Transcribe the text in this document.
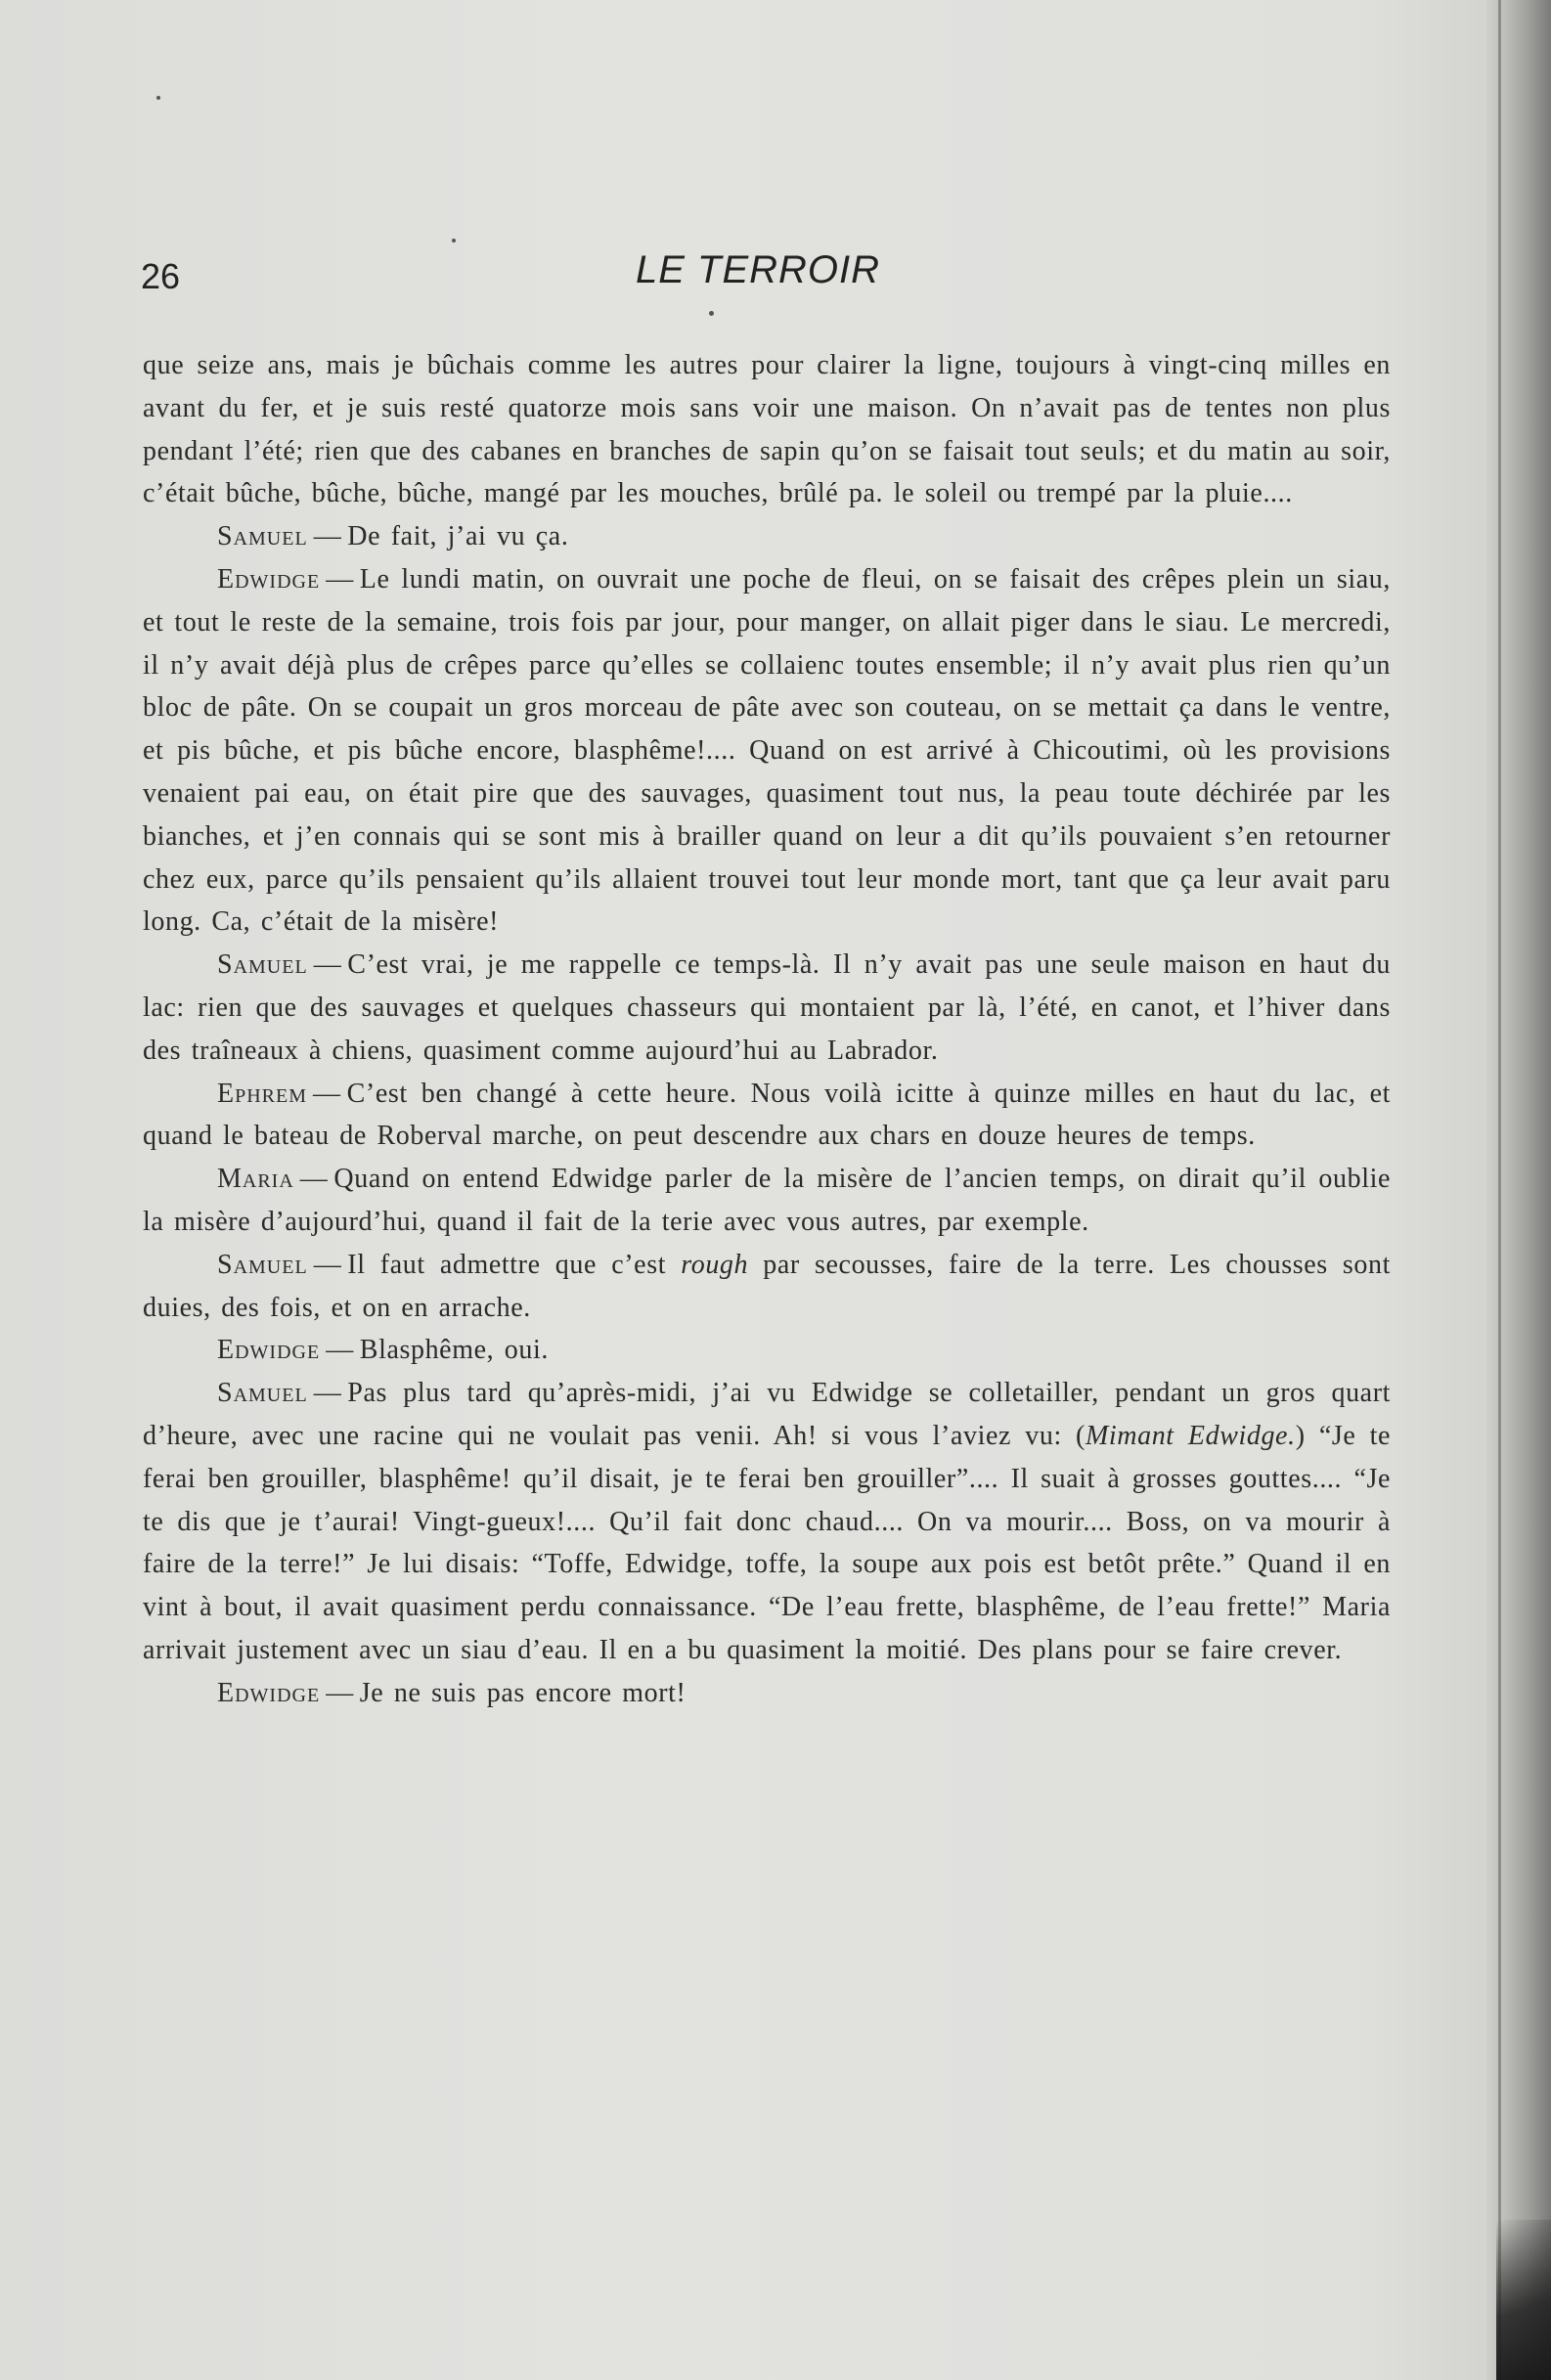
26	LE TERROIR

que seize ans, mais je bûchais comme les autres pour clairer la ligne, toujours à vingt-cinq milles en avant du fer, et je suis resté quatorze mois sans voir une maison. On n’avait pas de tentes non plus pendant l’été; rien que des cabanes en branches de sapin qu’on se faisait tout seuls; et du matin au soir, c’était bûche, bûche, bûche, mangé par les mouches, brûlé pa. le soleil ou trempé par la pluie....

Samuel — De fait, j’ai vu ça.

Edwidge — Le lundi matin, on ouvrait une poche de fleui, on se faisait des crêpes plein un siau, et tout le reste de la semaine, trois fois par jour, pour manger, on allait piger dans le siau. Le mercredi, il n’y avait déjà plus de crêpes parce qu’elles se collaienc toutes ensemble; il n’y avait plus rien qu’un bloc de pâte. On se coupait un gros morceau de pâte avec son couteau, on se mettait ça dans le ventre, et pis bûche, et pis bûche encore, blasphême!.... Quand on est arrivé à Chicoutimi, où les provisions venaient pai eau, on était pire que des sauvages, quasiment tout nus, la peau toute déchirée par les bianches, et j’en connais qui se sont mis à brailler quand on leur a dit qu’ils pouvaient s’en retourner chez eux, parce qu’ils pensaient qu’ils allaient trouvei tout leur monde mort, tant que ça leur avait paru long. Ca, c’était de la misère!

Samuel — C’est vrai, je me rappelle ce temps-là. Il n’y avait pas une seule maison en haut du lac: rien que des sauvages et quelques chasseurs qui montaient par là, l’été, en canot, et l’hiver dans des traîneaux à chiens, quasiment comme aujourd’hui au Labrador.

Ephrem — C’est ben changé à cette heure. Nous voilà icitte à quinze milles en haut du lac, et quand le bateau de Roberval marche, on peut descendre aux chars en douze heures de temps.

Maria — Quand on entend Edwidge parler de la misère de l’ancien temps, on dirait qu’il oublie la misère d’aujourd’hui, quand il fait de la terie avec vous autres, par exemple.

Samuel — Il faut admettre que c’est rough par secousses, faire de la terre. Les chousses sont duies, des fois, et on en arrache.

Edwidge — Blasphême, oui.

Samuel — Pas plus tard qu’après-midi, j’ai vu Edwidge se colletailler, pendant un gros quart d’heure, avec une racine qui ne voulait pas venii. Ah! si vous l’aviez vu: (Mimant Edwidge.) “Je te ferai ben grouiller, blasphême! qu’il disait, je te ferai ben grouiller”.... Il suait à grosses gouttes.... “Je te dis que je t’aurai! Vingt-gueux!.... Qu’il fait donc chaud.... On va mourir.... Boss, on va mourir à faire de la terre!” Je lui disais: “Toffe, Edwidge, toffe, la soupe aux pois est betôt prête.” Quand il en vint à bout, il avait quasiment perdu connaissance. “De l’eau frette, blasphême, de l’eau frette!” Maria arrivait justement avec un siau d’eau. Il en a bu quasiment la moitié. Des plans pour se faire crever.

Edwidge — Je ne suis pas encore mort!
